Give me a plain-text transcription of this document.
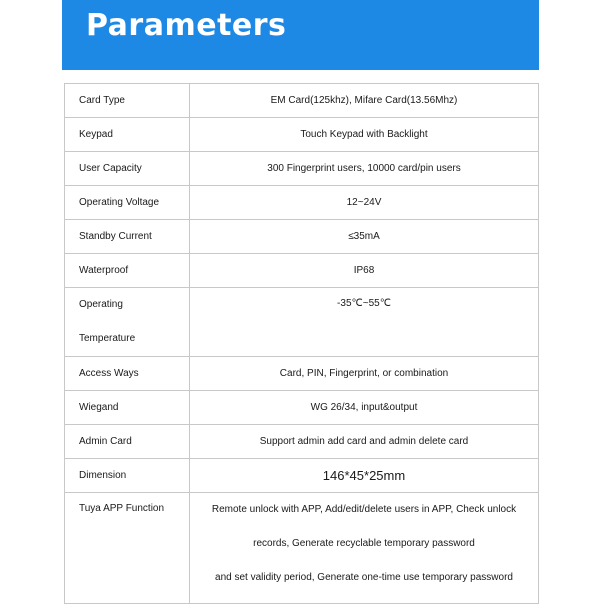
Parameters
Card Type	EM Card(125khz), Mifare Card(13.56Mhz)
Keypad	Touch Keypad with Backlight
User Capacity	300 Fingerprint users, 10000 card/pin users
Operating Voltage	12~24V
Standby Current	≤35mA
Waterproof	IP68

Operating
Temperature	-35℃~55℃
Access Ways	Card, PIN, Fingerprint, or combination
Wiegand	WG 26/34, input&output
Admin Card	Support admin add card and admin delete card
Dimension	146*45*25mm
Tuya APP Function	Remote unlock with APP, Add/edit/delete users in APP, Check unlock
records, Generate recyclable temporary password
and set validity period, Generate one-time use temporary password
